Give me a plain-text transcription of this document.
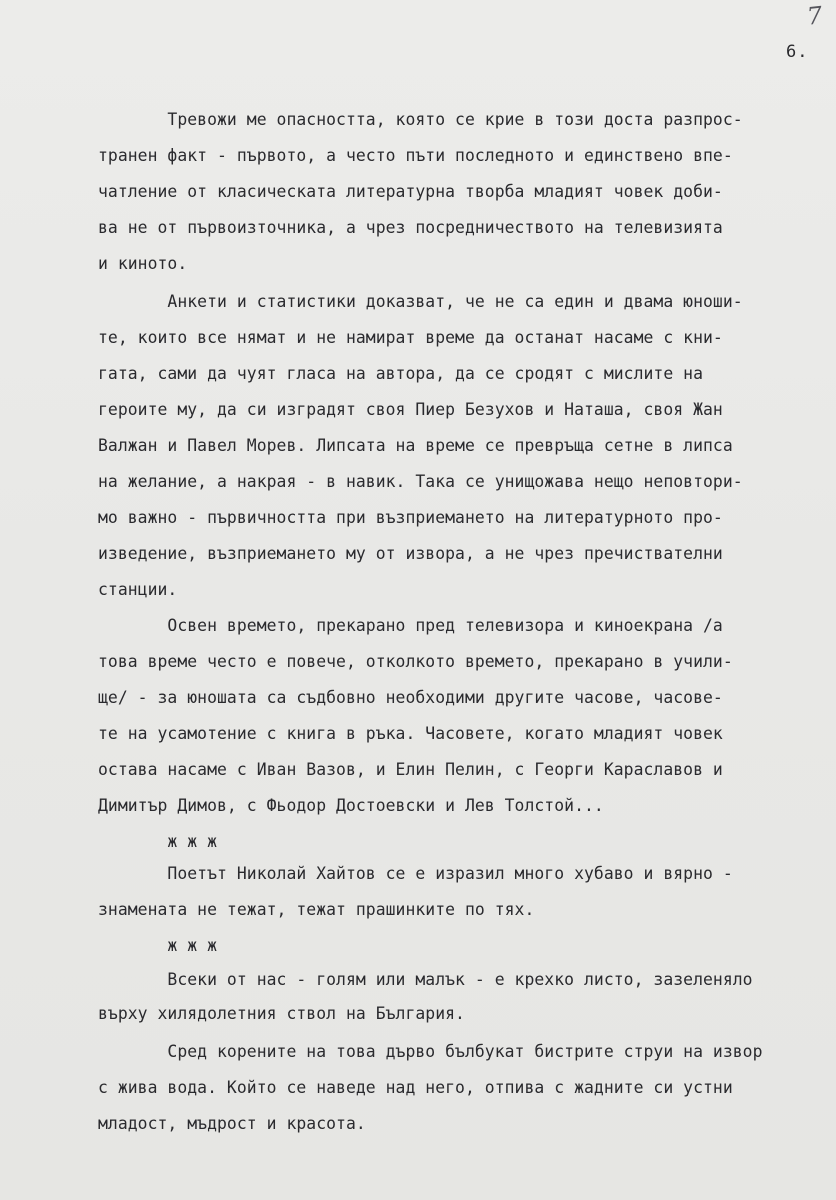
7
6.
Тревожи ме опасността, която се крие в този доста разпрос-
транен факт - първото, а често пъти последното и единствено впе-
чатление от класическата литературна творба младият човек доби-
ва не от първоизточника, а чрез посредничеството на телевизията
и киното.
Анкети и статистики доказват, че не са един и двама юноши-
те, които все нямат и не намират време да останат насаме с кни-
гата, сами да чуят гласа на автора, да се сродят с мислите на
героите му, да си изградят своя Пиер Безухов и Наташа, своя Жан
Валжан и Павел Морев. Липсата на време се превръща сетне в липса
на желание, а накрая - в навик. Така се унищожава нещо неповтори-
мо важно - първичността при възприемането на литературното про-
изведение, възприемането му от извора, а не чрез пречиствателни
станции.
Освен времето, прекарано пред телевизора и киноекрана /а
това време често е повече, отколкото времето, прекарано в учили-
ще/ - за юношата са съдбовно необходими другите часове, часове-
те на усамотение с книга в ръка. Часовете, когато младият човек
остава насаме с Иван Вазов, и Елин Пелин, с Георги Караславов и
Димитър Димов, с Фьодор Достоевски и Лев Толстой...
ж ж ж
Поетът Николай Хайтов се е изразил много хубаво и вярно -
знамената не тежат, тежат прашинките по тях.
ж ж ж
Всеки от нас - голям или малък - е крехко листо, зазеленяло
върху хилядолетния ствол на България.
Сред корените на това дърво бълбукат бистрите струи на извор
с жива вода. Който се наведе над него, отпива с жадните си устни
младост, мъдрост и красота.
